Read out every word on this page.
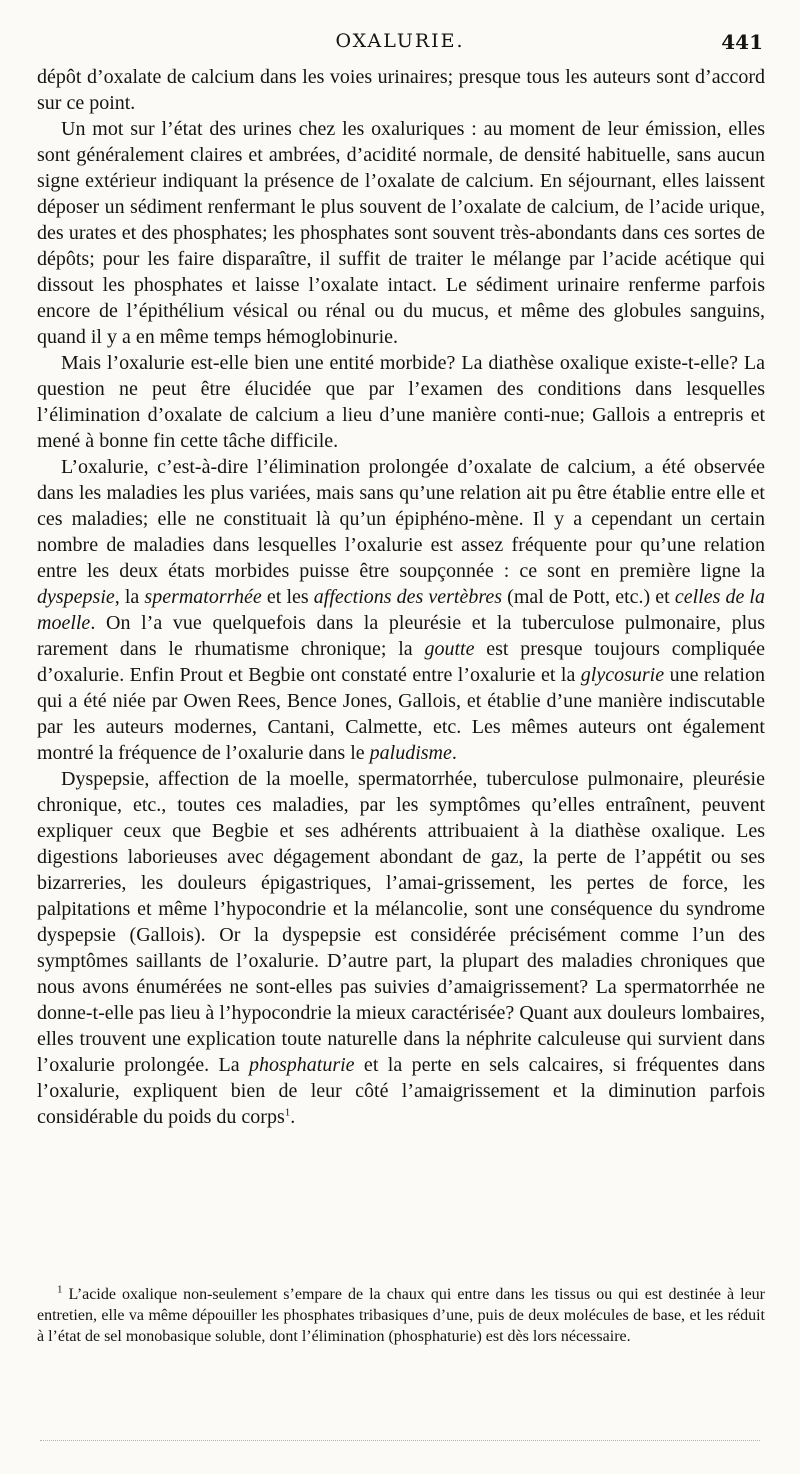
OXALURIE.	441

dépôt d’oxalate de calcium dans les voies urinaires; presque tous les auteurs sont d’accord sur ce point.

Un mot sur l’état des urines chez les oxaluriques : au moment de leur émission, elles sont généralement claires et ambrées, d’acidité normale, de densité habituelle, sans aucun signe extérieur indiquant la présence de l’oxalate de calcium. En séjournant, elles laissent déposer un sédiment renfermant le plus souvent de l’oxalate de calcium, de l’acide urique, des urates et des phosphates; les phosphates sont souvent très-abondants dans ces sortes de dépôts; pour les faire disparaître, il suffit de traiter le mélange par l’acide acétique qui dissout les phosphates et laisse l’oxalate intact. Le sédiment urinaire renferme parfois encore de l’épithélium vésical ou rénal ou du mucus, et même des globules sanguins, quand il y a en même temps hémoglobinurie.

Mais l’oxalurie est-elle bien une entité morbide? La diathèse oxalique existe-t-elle? La question ne peut être élucidée que par l’examen des conditions dans lesquelles l’élimination d’oxalate de calcium a lieu d’une manière conti-nue; Gallois a entrepris et mené à bonne fin cette tâche difficile.

L’oxalurie, c’est-à-dire l’élimination prolongée d’oxalate de calcium, a été observée dans les maladies les plus variées, mais sans qu’une relation ait pu être établie entre elle et ces maladies; elle ne constituait là qu’un épiphéno-mène. Il y a cependant un certain nombre de maladies dans lesquelles l’oxalurie est assez fréquente pour qu’une relation entre les deux états morbides puisse être soupçonnée : ce sont en première ligne la dyspepsie, la spermatorrhée et les affections des vertèbres (mal de Pott, etc.) et celles de la moelle. On l’a vue quelquefois dans la pleurésie et la tuberculose pulmonaire, plus rarement dans le rhumatisme chronique; la goutte est presque toujours compliquée d’oxalurie. Enfin Prout et Begbie ont constaté entre l’oxalurie et la glycosurie une relation qui a été niée par Owen Rees, Bence Jones, Gallois, et établie d’une manière indiscutable par les auteurs modernes, Cantani, Calmette, etc. Les mêmes auteurs ont également montré la fréquence de l’oxalurie dans le paludisme.

Dyspepsie, affection de la moelle, spermatorrhée, tuberculose pulmonaire, pleurésie chronique, etc., toutes ces maladies, par les symptômes qu’elles entraînent, peuvent expliquer ceux que Begbie et ses adhérents attribuaient à la diathèse oxalique. Les digestions laborieuses avec dégagement abondant de gaz, la perte de l’appétit ou ses bizarreries, les douleurs épigastriques, l’amai-grissement, les pertes de force, les palpitations et même l’hypocondrie et la mélancolie, sont une conséquence du syndrome dyspepsie (Gallois). Or la dyspepsie est considérée précisément comme l’un des symptômes saillants de l’oxalurie. D’autre part, la plupart des maladies chroniques que nous avons énumérées ne sont-elles pas suivies d’amaigrissement? La spermatorrhée ne donne-t-elle pas lieu à l’hypocondrie la mieux caractérisée? Quant aux douleurs lombaires, elles trouvent une explication toute naturelle dans la néphrite calculeuse qui survient dans l’oxalurie prolongée. La phosphaturie et la perte en sels calcaires, si fréquentes dans l’oxalurie, expliquent bien de leur côté l’amaigrissement et la diminution parfois considérable du poids du corps$^1$.

$^1$ L’acide oxalique non-seulement s’empare de la chaux qui entre dans les tissus ou qui est destinée à leur entretien, elle va même dépouiller les phosphates tribasiques d’une, puis de deux molécules de base, et les réduit à l’état de sel monobasique soluble, dont l’élimination (phosphaturie) est dès lors nécessaire.
